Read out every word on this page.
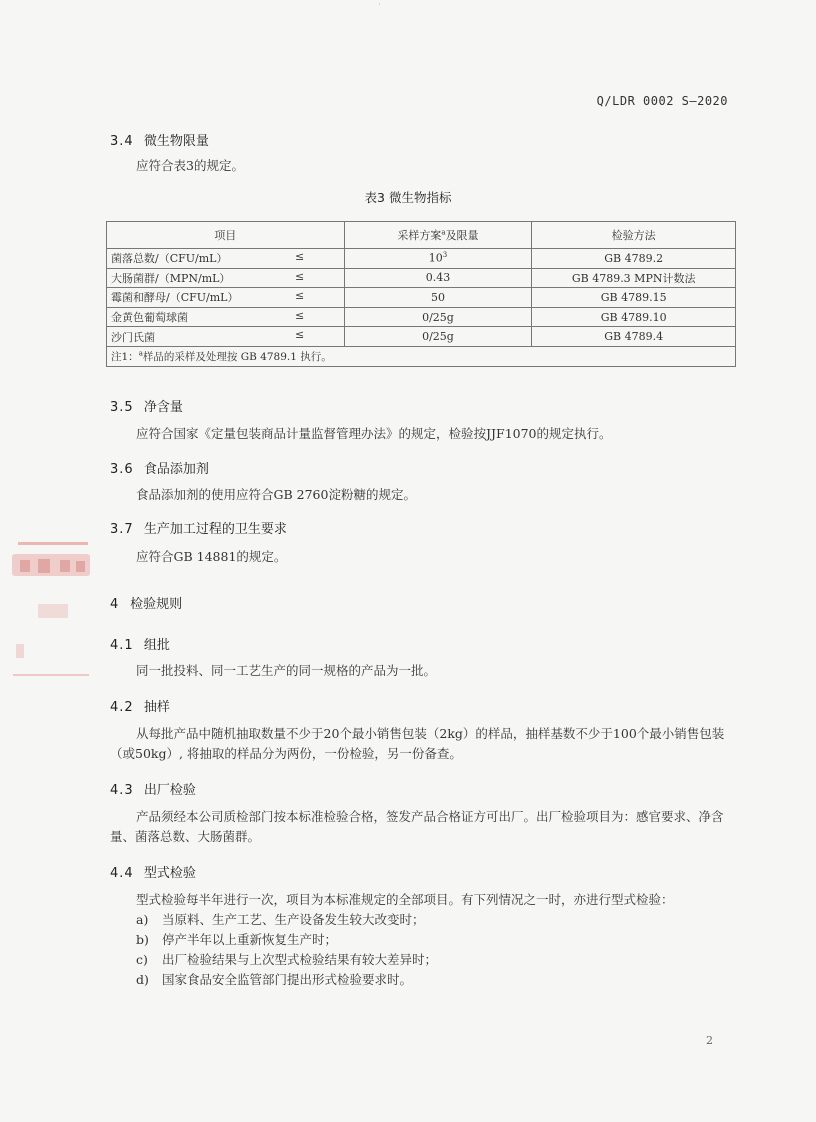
·
Q/LDR 0002 S—2020
3.4 微生物限量
应符合表3的规定。
表3 微生物指标
项目	采样方案$^a$及限量	检验方法
菌落总数/（CFU/mL） ≤	$10^3$	GB 4789.2
大肠菌群/（MPN/mL） ≤	0.43	GB 4789.3 MPN计数法
霉菌和酵母/（CFU/mL） ≤	50	GB 4789.15
金黄色葡萄球菌 ≤	0/25g	GB 4789.10
沙门氏菌 ≤	0/25g	GB 4789.4
注1：$^a$样品的采样及处理按 GB 4789.1 执行。		
3.5 净含量
应符合国家《定量包装商品计量监督管理办法》的规定，检验按JJF1070的规定执行。
3.6 食品添加剂
食品添加剂的使用应符合GB 2760淀粉糖的规定。
3.7 生产加工过程的卫生要求
应符合GB 14881的规定。
4 检验规则
4.1 组批
同一批投料、同一工艺生产的同一规格的产品为一批。
4.2 抽样
从每批产品中随机抽取数量不少于20个最小销售包装（2kg）的样品，抽样基数不少于100个最小销售包装（或50kg）, 将抽取的样品分为两份，一份检验，另一份备查。
4.3 出厂检验
产品须经本公司质检部门按本标准检验合格，签发产品合格证方可出厂。出厂检验项目为：感官要求、净含量、菌落总数、大肠菌群。
4.4 型式检验
型式检验每半年进行一次，项目为本标准规定的全部项目。有下列情况之一时，亦进行型式检验：
a) 当原料、生产工艺、生产设备发生较大改变时；
b) 停产半年以上重新恢复生产时；
c) 出厂检验结果与上次型式检验结果有较大差异时；
d) 国家食品安全监管部门提出形式检验要求时。
2
